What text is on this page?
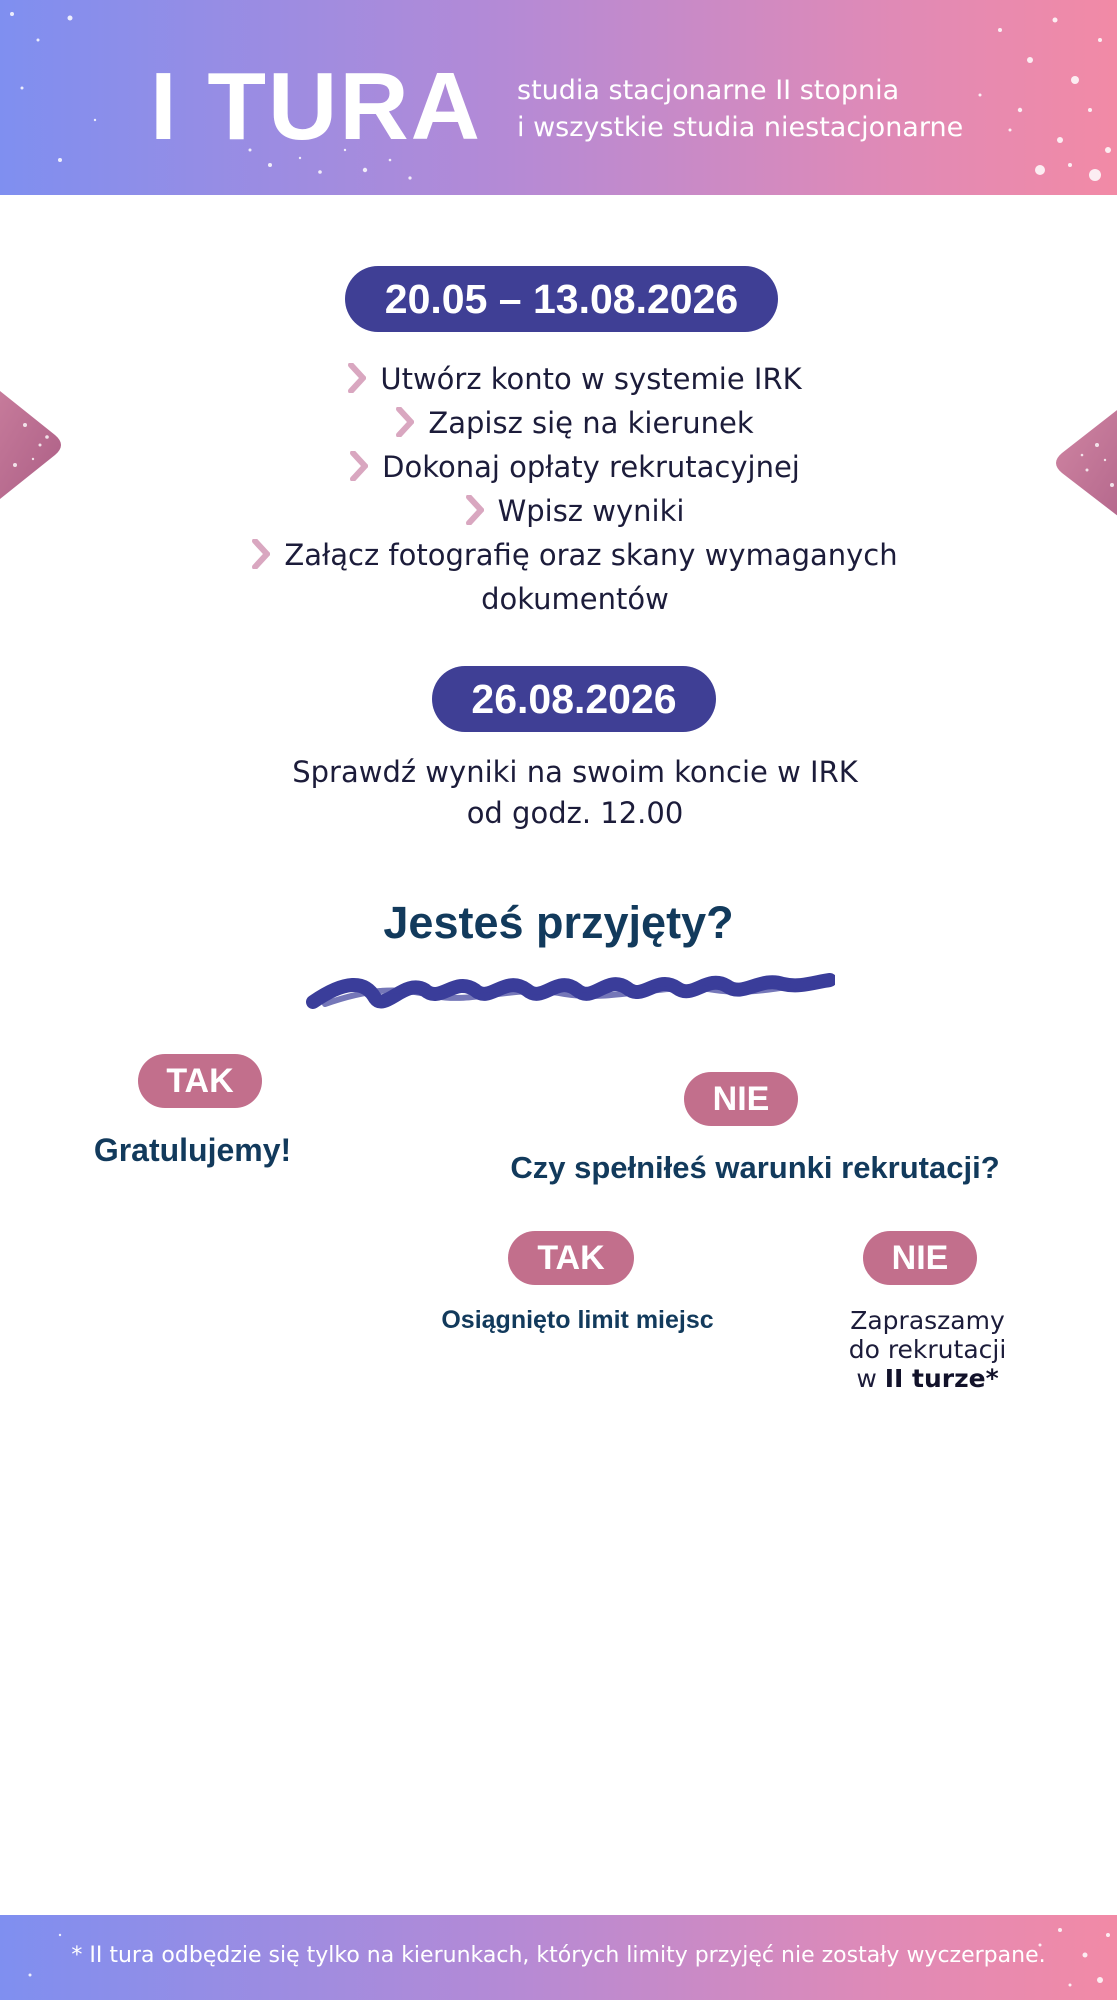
I TURA studia stacjonarne II stopnia
i wszystkie studia niestacjonarne
20.05 – 13.08.2026
Utwórz konto w systemie IRK
Zapisz się na kierunek
Dokonaj opłaty rekrutacyjnej
Wpisz wyniki
Załącz fotografię oraz skany wymaganych
dokumentów
26.08.2026
Sprawdź wyniki na swoim koncie w IRK
od godz. 12.00
Jesteś przyjęty?
TAK
Gratulujemy!
NIE
Czy spełniłeś warunki rekrutacji?
TAK
Osiągnięto limit miejsc
NIE
Zapraszamy
do rekrutacji
w II turze*
* II tura odbędzie się tylko na kierunkach, których limity przyjęć nie zostały wyczerpane.
